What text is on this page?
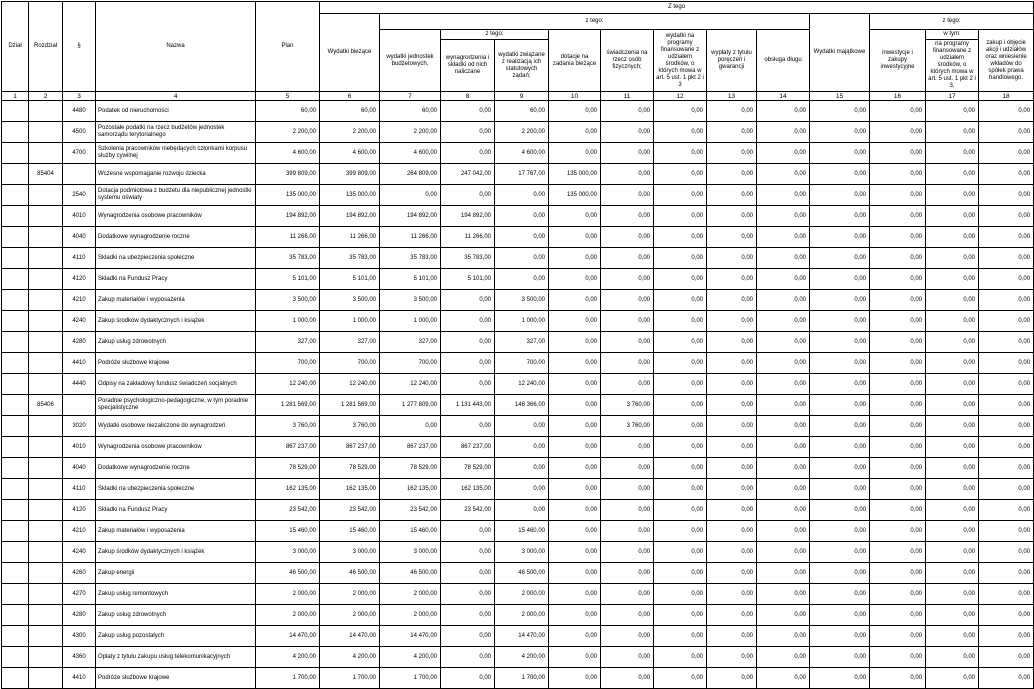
Dział	Rozdział	§	Nazwa	Plan	Z tego												
					Wydatki bieżące	z tego:								Wydatki majątkowe	z tego:		
						wydatki jednostek budżetowych,	z tego:		dotacje na zadania bieżące	świadczenia na rzecz osób fizycznych;	wydatki na programy finansowane z udziałem środków, o których mowa w art. 5 ust. 1 pkt 2 i 3	wypłaty z tytułu poręczeń i gwarancji	obsługa długu		inwestycje i zakupy inwestycyjne	w tym:	zakup i objęcie akcji i udziałów oraz wniesienie wkładów do spółek prawa handlowego.
							wynagrodzenia i składki od nich naliczane	wydatki związane z realizacją ich statutowych zadań;								na programy finansowane z udziałem środków, o których mowa w art. 5 ust. 1 pkt 2 i 3,	
1	2	3	4	5	6	7	8	9	10	11	12	13	14	15	16	17	18
		4480	Podatek od nieruchomości	60,00	60,00	60,00	0,00	60,00	0,00	0,00	0,00	0,00	0,00	0,00	0,00	0,00	0,00
		4500	Pozostałe podatki na rzecz budżetów jednostek samorządu terytorialnego	2 200,00	2 200,00	2 200,00	0,00	2 200,00	0,00	0,00	0,00	0,00	0,00	0,00	0,00	0,00	0,00
		4700	Szkolenia pracowników niebędących członkami korpusu służby cywilnej	4 600,00	4 600,00	4 600,00	0,00	4 600,00	0,00	0,00	0,00	0,00	0,00	0,00	0,00	0,00	0,00
	85404		Wczesne wspomaganie rozwoju dziecka	399 809,00	399 809,00	264 809,00	247 042,00	17 767,00	135 000,00	0,00	0,00	0,00	0,00	0,00	0,00	0,00	0,00
		2540	Dotacja podmiotowa z budżetu dla niepublicznej jednostki systemu oświaty	135 000,00	135 000,00	0,00	0,00	0,00	135 000,00	0,00	0,00	0,00	0,00	0,00	0,00	0,00	0,00
		4010	Wynagrodzenia osobowe pracowników	194 892,00	194 892,00	194 892,00	194 892,00	0,00	0,00	0,00	0,00	0,00	0,00	0,00	0,00	0,00	0,00
		4040	Dodatkowe wynagrodzenie roczne	11 266,00	11 266,00	11 266,00	11 266,00	0,00	0,00	0,00	0,00	0,00	0,00	0,00	0,00	0,00	0,00
		4110	Składki na ubezpieczenia społeczne	35 783,00	35 783,00	35 783,00	35 783,00	0,00	0,00	0,00	0,00	0,00	0,00	0,00	0,00	0,00	0,00
		4120	Składki na Fundusz Pracy	5 101,00	5 101,00	5 101,00	5 101,00	0,00	0,00	0,00	0,00	0,00	0,00	0,00	0,00	0,00	0,00
		4210	Zakup materiałów i wyposażenia	3 500,00	3 500,00	3 500,00	0,00	3 500,00	0,00	0,00	0,00	0,00	0,00	0,00	0,00	0,00	0,00
		4240	Zakup środków dydaktycznych i książek	1 000,00	1 000,00	1 000,00	0,00	1 000,00	0,00	0,00	0,00	0,00	0,00	0,00	0,00	0,00	0,00
		4280	Zakup usług zdrowotnych	327,00	327,00	327,00	0,00	327,00	0,00	0,00	0,00	0,00	0,00	0,00	0,00	0,00	0,00
		4410	Podróże służbowe krajowe	700,00	700,00	700,00	0,00	700,00	0,00	0,00	0,00	0,00	0,00	0,00	0,00	0,00	0,00
		4440	Odpisy na zakładowy fundusz świadczeń socjalnych	12 240,00	12 240,00	12 240,00	0,00	12 240,00	0,00	0,00	0,00	0,00	0,00	0,00	0,00	0,00	0,00
	85406		Poradnie psychologiczno-pedagogiczne, w tym poradnie specjalistyczne	1 281 569,00	1 281 569,00	1 277 809,00	1 131 443,00	146 366,00	0,00	3 760,00	0,00	0,00	0,00	0,00	0,00	0,00	0,00
		3020	Wydatki osobowe niezaliczone do wynagrodzeń	3 760,00	3 760,00	0,00	0,00	0,00	0,00	3 760,00	0,00	0,00	0,00	0,00	0,00	0,00	0,00
		4010	Wynagrodzenia osobowe pracowników	867 237,00	867 237,00	867 237,00	867 237,00	0,00	0,00	0,00	0,00	0,00	0,00	0,00	0,00	0,00	0,00
		4040	Dodatkowe wynagrodzenie roczne	78 529,00	78 529,00	78 529,00	78 529,00	0,00	0,00	0,00	0,00	0,00	0,00	0,00	0,00	0,00	0,00
		4110	Składki na ubezpieczenia społeczne	162 135,00	162 135,00	162 135,00	162 135,00	0,00	0,00	0,00	0,00	0,00	0,00	0,00	0,00	0,00	0,00
		4120	Składki na Fundusz Pracy	23 542,00	23 542,00	23 542,00	23 542,00	0,00	0,00	0,00	0,00	0,00	0,00	0,00	0,00	0,00	0,00
		4210	Zakup materiałów i wyposażenia	15 460,00	15 460,00	15 460,00	0,00	15 460,00	0,00	0,00	0,00	0,00	0,00	0,00	0,00	0,00	0,00
		4240	Zakup środków dydaktycznych i książek	3 000,00	3 000,00	3 000,00	0,00	3 000,00	0,00	0,00	0,00	0,00	0,00	0,00	0,00	0,00	0,00
		4260	Zakup energii	46 500,00	46 500,00	46 500,00	0,00	46 500,00	0,00	0,00	0,00	0,00	0,00	0,00	0,00	0,00	0,00
		4270	Zakup usług remontowych	2 000,00	2 000,00	2 000,00	0,00	2 000,00	0,00	0,00	0,00	0,00	0,00	0,00	0,00	0,00	0,00
		4280	Zakup usług zdrowotnych	2 000,00	2 000,00	2 000,00	0,00	2 000,00	0,00	0,00	0,00	0,00	0,00	0,00	0,00	0,00	0,00
		4300	Zakup usług pozostałych	14 470,00	14 470,00	14 470,00	0,00	14 470,00	0,00	0,00	0,00	0,00	0,00	0,00	0,00	0,00	0,00
		4360	Opłaty z tytułu zakupu usług telekomunikacyjnych	4 200,00	4 200,00	4 200,00	0,00	4 200,00	0,00	0,00	0,00	0,00	0,00	0,00	0,00	0,00	0,00
		4410	Podróże służbowe krajowe	1 700,00	1 700,00	1 700,00	0,00	1 700,00	0,00	0,00	0,00	0,00	0,00	0,00	0,00	0,00	0,00
